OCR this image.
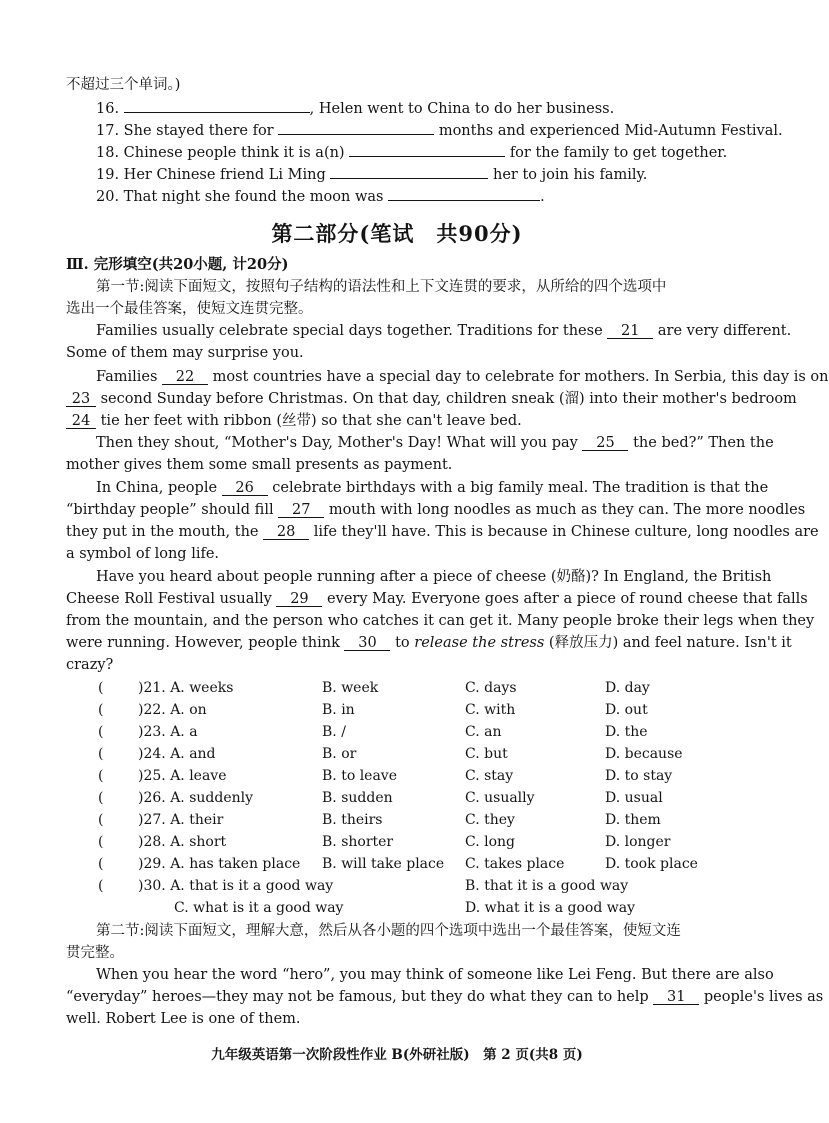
不超过三个单词。)
16.	, Helen went to China to do her business.
17. She stayed there for	months and experienced Mid-Autumn Festival.
18. Chinese people think it is a(n)	for the family to get together.
19. Her Chinese friend Li Ming	her to join his family.
20. That night she found the moon was	.
第二部分(笔试　共90分)
Ⅲ. 完形填空(共20小题, 计20分)
第一节:阅读下面短文，按照句子结构的语法性和上下文连贯的要求，从所给的四个选项中
选出一个最佳答案，使短文连贯完整。
Families usually celebrate special days together. Traditions for these 21 are very different.
Some of them may surprise you.
Families 22 most countries have a special day to celebrate for mothers. In Serbia, this day is on
23 second Sunday before Christmas. On that day, children sneak (溜) into their mother's bedroom
24 tie her feet with ribbon (丝带) so that she can't leave bed.
Then they shout, “Mother's Day, Mother's Day! What will you pay 25 the bed?” Then the
mother gives them some small presents as payment.
In China, people 26 celebrate birthdays with a big family meal. The tradition is that the
“birthday people” should fill 27 mouth with long noodles as much as they can. The more noodles
they put in the mouth, the 28 life they'll have. This is because in Chinese culture, long noodles are
a symbol of long life.
Have you heard about people running after a piece of cheese (奶酪)? In England, the British
Cheese Roll Festival usually 29 every May. Everyone goes after a piece of round cheese that falls
from the mountain, and the person who catches it can get it. Many people broke their legs when they
were running. However, people think 30 to release the stress (释放压力) and feel nature. Isn't it
crazy?
( )21. A. weeks	B. week	C. days	D. day
( )22. A. on	B. in	C. with	D. out
( )23. A. a	B. /	C. an	D. the
( )24. A. and	B. or	C. but	D. because
( )25. A. leave	B. to leave	C. stay	D. to stay
( )26. A. suddenly	B. sudden	C. usually	D. usual
( )27. A. their	B. theirs	C. they	D. them
( )28. A. short	B. shorter	C. long	D. longer
( )29. A. has taken place B. will take place C. takes place	D. took place
( )30. A. that is it a good way	B. that it is a good way
C. what is it a good way	D. what it is a good way
第二节:阅读下面短文，理解大意，然后从各小题的四个选项中选出一个最佳答案，使短文连
贯完整。
When you hear the word “hero”, you may think of someone like Lei Feng. But there are also
“everyday” heroes—they may not be famous, but they do what they can to help 31 people's lives as
well. Robert Lee is one of them.
九年级英语第一次阶段性作业 B(外研社版)　第 2 页(共8 页)
